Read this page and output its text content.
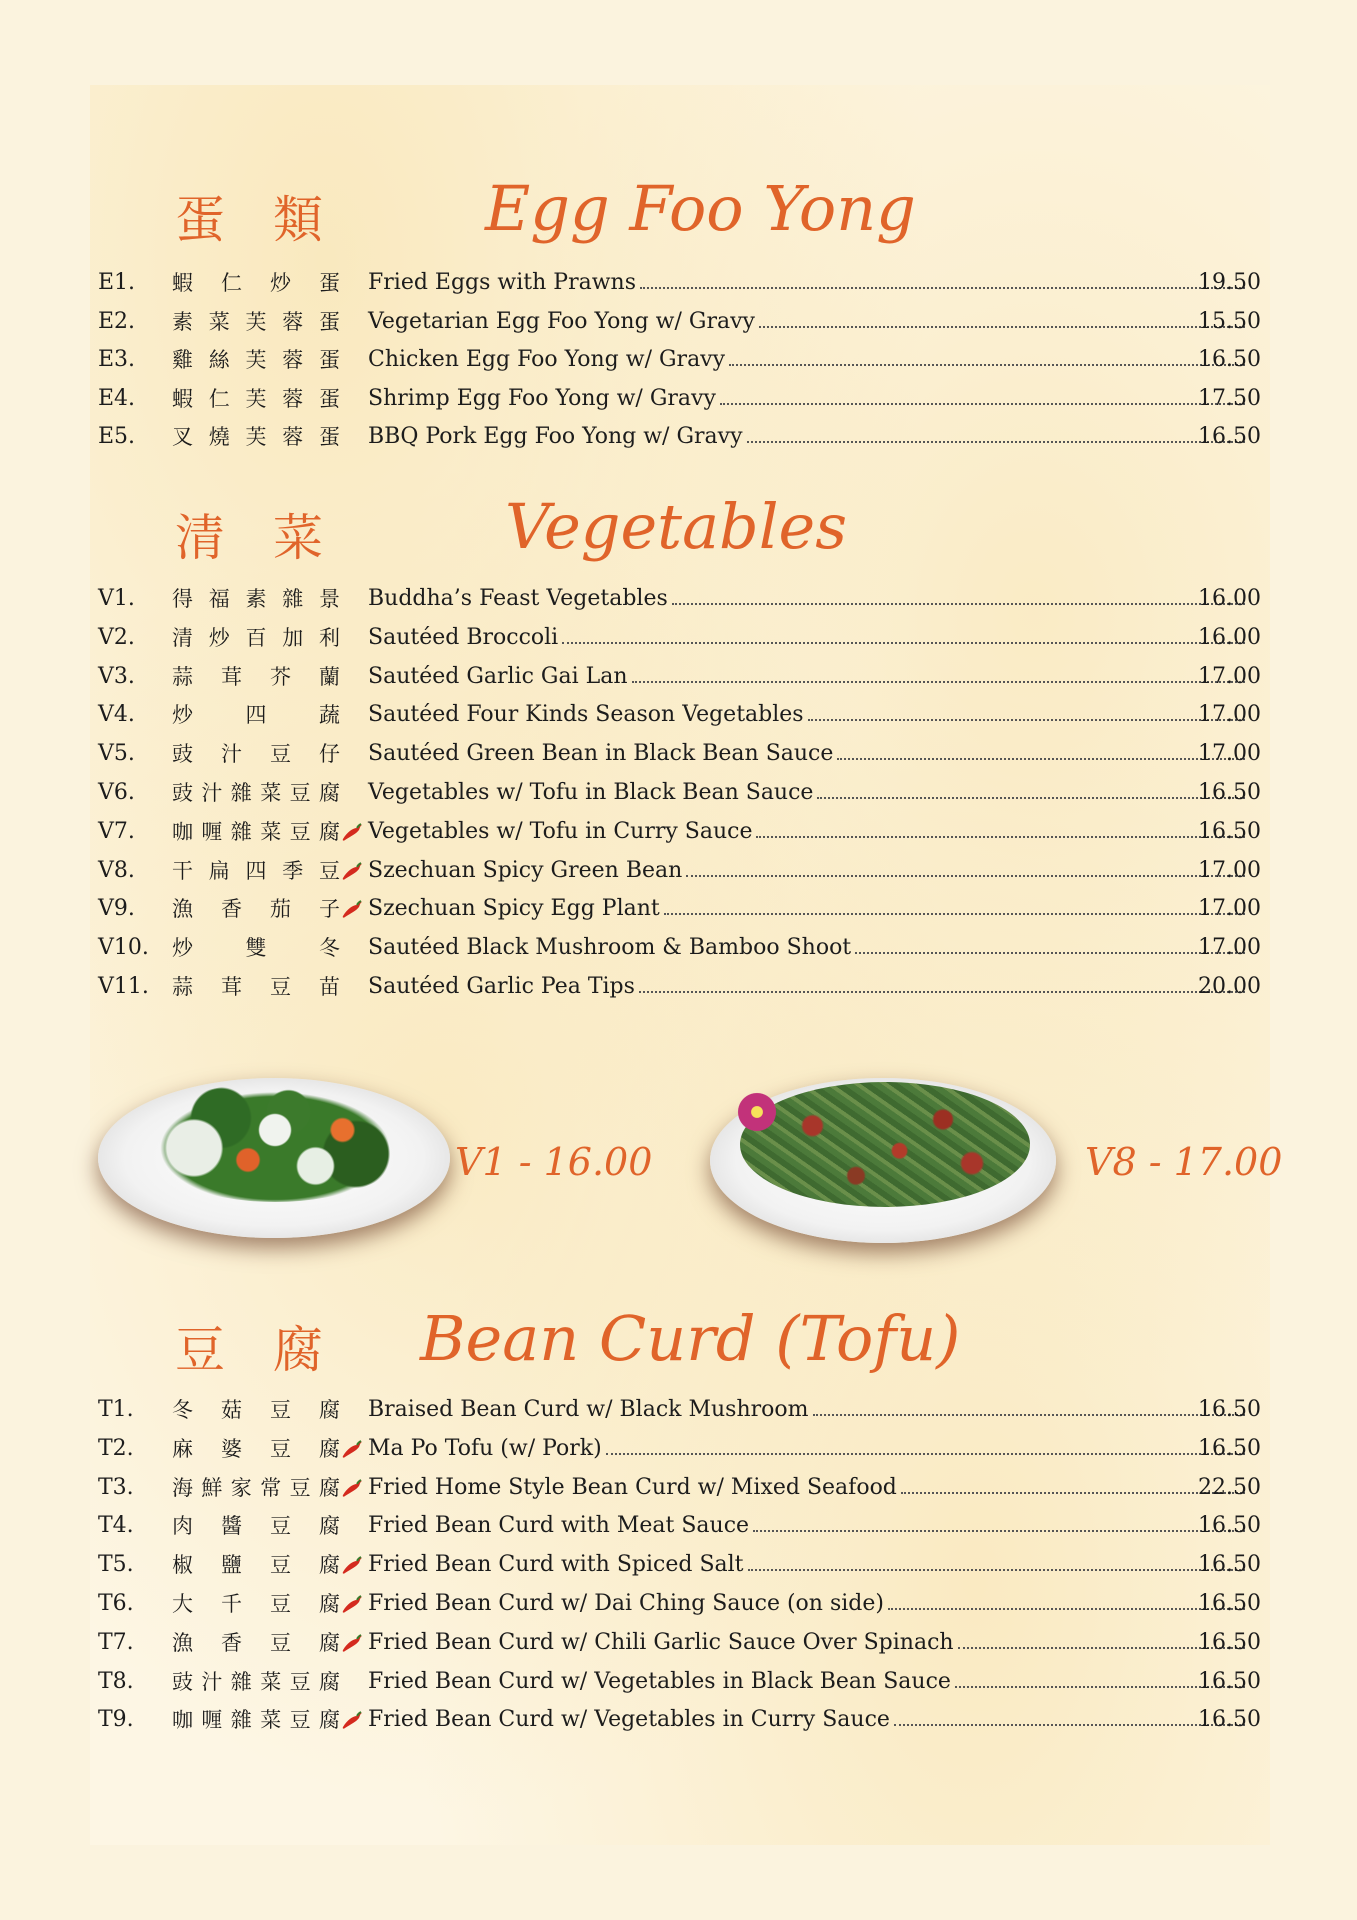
蛋類 Egg Foo Yong
E1.	蝦仁炒蛋 Fried Eggs with Prawns	19.50
E2.	素菜芙蓉蛋 Vegetarian Egg Foo Yong w/ Gravy	15.50
E3.	雞絲芙蓉蛋 Chicken Egg Foo Yong w/ Gravy	16.50
E4.	蝦仁芙蓉蛋 Shrimp Egg Foo Yong w/ Gravy	17.50
E5.	叉燒芙蓉蛋 BBQ Pork Egg Foo Yong w/ Gravy	16.50
清菜 Vegetables
V1.	得福素雜景 Buddha’s Feast Vegetables	16.00
V2.	清炒百加利 Sautéed Broccoli	16.00
V3.	蒜茸芥蘭 Sautéed Garlic Gai Lan	17.00
V4.	炒四蔬 Sautéed Four Kinds Season Vegetables	17.00
V5.	豉汁豆仔 Sautéed Green Bean in Black Bean Sauce	17.00
V6.	豉汁雜菜豆腐 Vegetables w/ Tofu in Black Bean Sauce	16.50
V7.	咖喱雜菜豆腐 Vegetables w/ Tofu in Curry Sauce	16.50
V8.	干扁四季豆 Szechuan Spicy Green Bean	17.00
V9.	漁香茄子 Szechuan Spicy Egg Plant	17.00
V10.	炒雙冬 Sautéed Black Mushroom & Bamboo Shoot	17.00
V11.	蒜茸豆苗 Sautéed Garlic Pea Tips	20.00
V1 - 16.00	V8 - 17.00
豆腐 Bean Curd (Tofu)
T1.	冬菇豆腐 Braised Bean Curd w/ Black Mushroom	16.50
T2.	麻婆豆腐 Ma Po Tofu (w/ Pork)	16.50
T3.	海鮮家常豆腐 Fried Home Style Bean Curd w/ Mixed Seafood	22.50
T4.	肉醬豆腐 Fried Bean Curd with Meat Sauce	16.50
T5.	椒鹽豆腐 Fried Bean Curd with Spiced Salt	16.50
T6.	大千豆腐 Fried Bean Curd w/ Dai Ching Sauce (on side)	16.50
T7.	漁香豆腐 Fried Bean Curd w/ Chili Garlic Sauce Over Spinach	16.50
T8.	豉汁雜菜豆腐 Fried Bean Curd w/ Vegetables in Black Bean Sauce	16.50
T9.	咖喱雜菜豆腐 Fried Bean Curd w/ Vegetables in Curry Sauce	16.50
